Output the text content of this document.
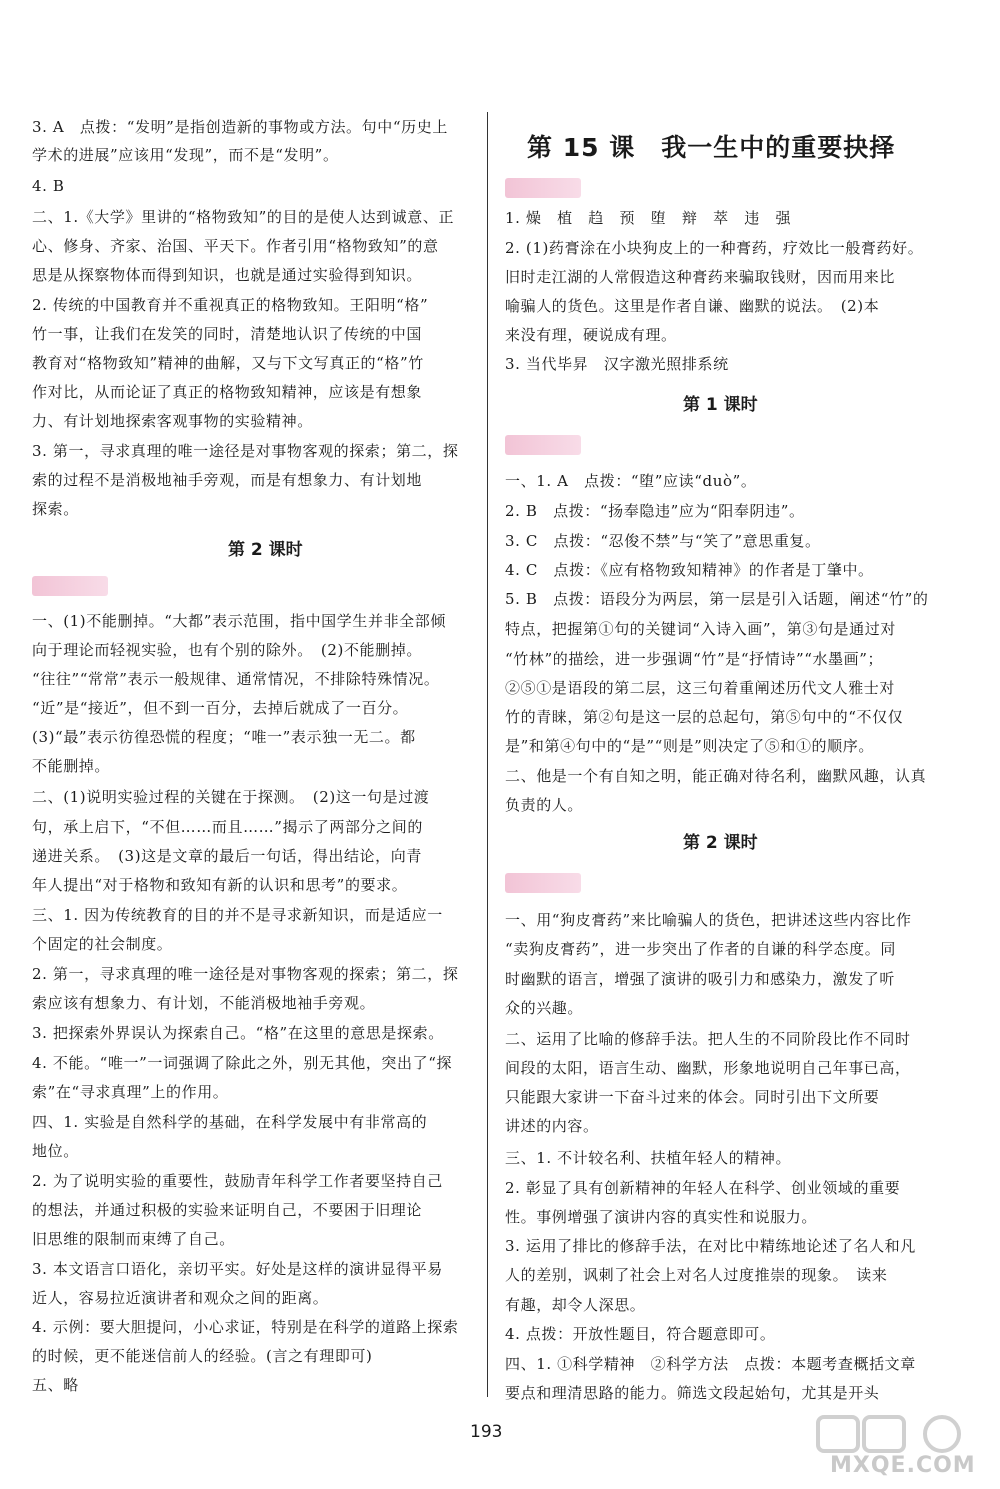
3. A　点拨：“发明”是指创造新的事物或方法。句中“历史上
学术的进展”应该用“发现”，而不是“发明”。
4. B
二、1.《大学》里讲的“格物致知”的目的是使人达到诚意、正
心、修身、齐家、治国、平天下。作者引用“格物致知”的意
思是从探察物体而得到知识，也就是通过实验得到知识。
2. 传统的中国教育并不重视真正的格物致知。王阳明“格”
竹一事，让我们在发笑的同时，清楚地认识了传统的中国
教育对“格物致知”精神的曲解，又与下文写真正的“格”竹
作对比，从而论证了真正的格物致知精神，应该是有想象
力、有计划地探索客观事物的实验精神。
3. 第一，寻求真理的唯一途径是对事物客观的探索；第二，探
索的过程不是消极地袖手旁观，而是有想象力、有计划地
探索。
第 2 课时
一、(1)不能删掉。“大都”表示范围，指中国学生并非全部倾
向于理论而轻视实验，也有个别的除外。　(2)不能删掉。
“往往”“常常”表示一般规律、通常情况，不排除特殊情况。
“近”是“接近”，但不到一百分，去掉后就成了一百分。
(3)“最”表示彷徨恐慌的程度；“唯一”表示独一无二。都
不能删掉。
二、(1)说明实验过程的关键在于探测。　(2)这一句是过渡
句，承上启下，“不但……而且……”揭示了两部分之间的
递进关系。　(3)这是文章的最后一句话，得出结论，向青
年人提出“对于格物和致知有新的认识和思考”的要求。
三、1. 因为传统教育的目的并不是寻求新知识，而是适应一
个固定的社会制度。
2. 第一，寻求真理的唯一途径是对事物客观的探索；第二，探
索应该有想象力、有计划，不能消极地袖手旁观。
3. 把探索外界误认为探索自己。“格”在这里的意思是探索。
4. 不能。“唯一”一词强调了除此之外，别无其他，突出了“探
索”在“寻求真理”上的作用。
四、1. 实验是自然科学的基础，在科学发展中有非常高的
地位。
2. 为了说明实验的重要性，鼓励青年科学工作者要坚持自己
的想法，并通过积极的实验来证明自己，不要困于旧理论
旧思维的限制而束缚了自己。
3. 本文语言口语化，亲切平实。好处是这样的演讲显得平易
近人，容易拉近演讲者和观众之间的距离。
4. 示例：要大胆提问，小心求证，特别是在科学的道路上探索
的时候，更不能迷信前人的经验。(言之有理即可)
五、略
第 15 课　我一生中的重要抉择
1. 燥　植　趋　预　堕　辩　萃　违　强
2. (1)药膏涂在小块狗皮上的一种膏药，疗效比一般膏药好。
旧时走江湖的人常假造这种膏药来骗取钱财，因而用来比
喻骗人的货色。这里是作者自谦、幽默的说法。　(2)本
来没有理，硬说成有理。
3. 当代毕昇　汉字激光照排系统
第 1 课时
一、1. A　点拨：“堕”应读“duò”。
2. B　点拨：“扬奉隐违”应为“阳奉阴违”。
3. C　点拨：“忍俊不禁”与“笑了”意思重复。
4. C　点拨：《应有格物致知精神》的作者是丁肇中。
5. B　点拨：语段分为两层，第一层是引入话题，阐述“竹”的
特点，把握第①句的关键词“入诗入画”，第③句是通过对
“竹林”的描绘，进一步强调“竹”是“抒情诗”“水墨画”；
②⑤①是语段的第二层，这三句着重阐述历代文人雅士对
竹的青睐，第②句是这一层的总起句，第⑤句中的“不仅仅
是”和第④句中的“是”“则是”则决定了⑤和①的顺序。
二、他是一个有自知之明，能正确对待名利，幽默风趣，认真
负责的人。
第 2 课时
一、用“狗皮膏药”来比喻骗人的货色，把讲述这些内容比作
“卖狗皮膏药”，进一步突出了作者的自谦的科学态度。同
时幽默的语言，增强了演讲的吸引力和感染力，激发了听
众的兴趣。
二、运用了比喻的修辞手法。把人生的不同阶段比作不同时
间段的太阳，语言生动、幽默，形象地说明自己年事已高，
只能跟大家讲一下奋斗过来的体会。同时引出下文所要
讲述的内容。
三、1. 不计较名利、扶植年轻人的精神。
2. 彰显了具有创新精神的年轻人在科学、创业领域的重要
性。事例增强了演讲内容的真实性和说服力。
3. 运用了排比的修辞手法，在对比中精练地论述了名人和凡
人的差别，讽刺了社会上对名人过度推崇的现象。　读来
有趣，却令人深思。
4. 点拨：开放性题目，符合题意即可。
四、1. ①科学精神　②科学方法　点拨：本题考查概括文章
要点和理清思路的能力。筛选文段起始句，尤其是开头
193
MXQE.COM
